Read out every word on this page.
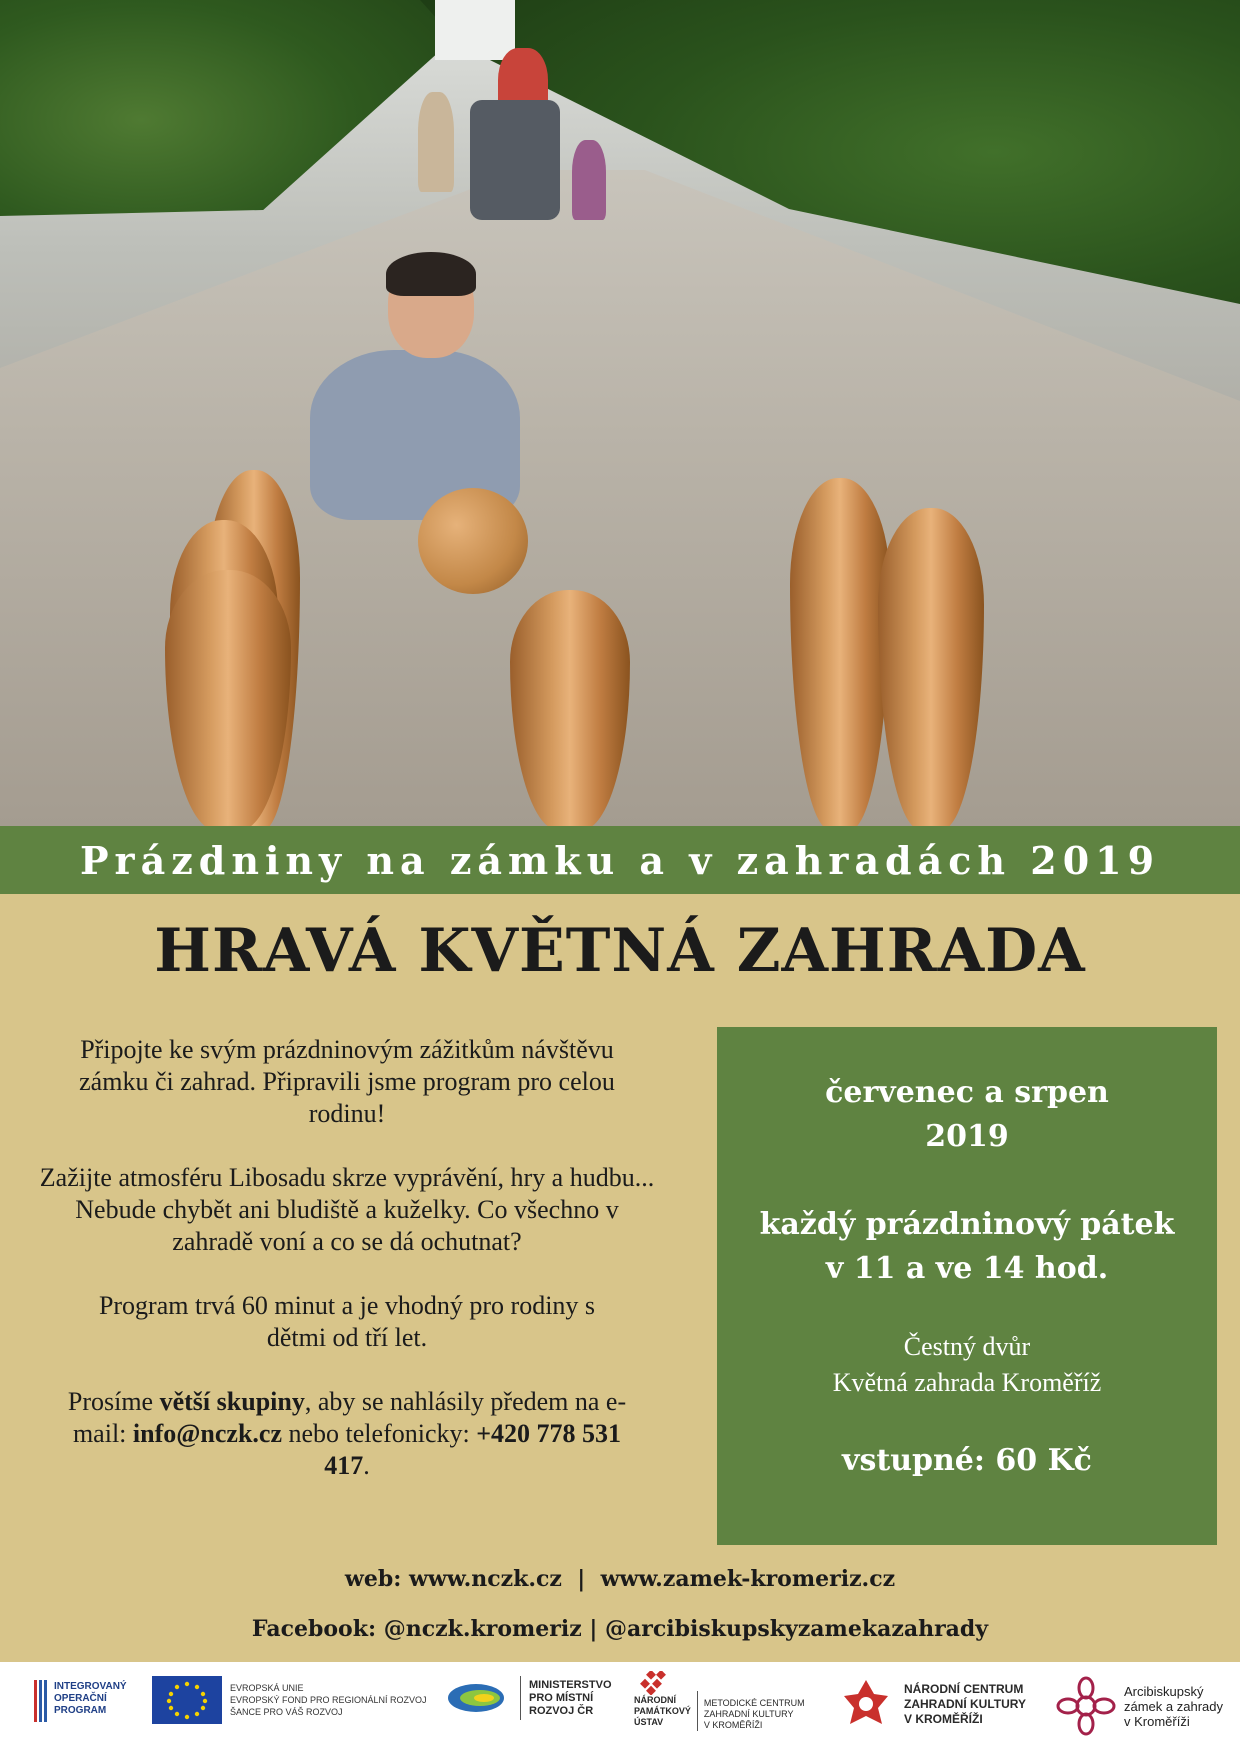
Prázdniny na zámku a v zahradách 2019
HRAVÁ KVĚTNÁ ZAHRADA

Připojte ke svým prázdninovým zážitkům návštěvu zámku či zahrad. Připravili jsme program pro celou rodinu!

Zažijte atmosféru Libosadu skrze vyprávění, hry a hudbu... Nebude chybět ani bludiště a kuželky. Co všechno v zahradě voní a co se dá ochutnat?

Program trvá 60 minut a je vhodný pro rodiny s dětmi od tří let.

Prosíme větší skupiny, aby se nahlásily předem na e-mail: info@nczk.cz nebo telefonicky: +420 778 531 417.

červenec a srpen
2019
každý prázdninový pátek
v 11 a ve 14 hod.
Čestný dvůr
Květná zahrada Kroměříž
vstupné: 60 Kč
web: www.nczk.cz  |  www.zamek-kromeriz.cz
Facebook: @nczk.kromeriz | @arcibiskupskyzamekazahrady
INTEGROVANÝ
OPERAČNÍ
PROGRAM
EVROPSKÁ UNIE
EVROPSKÝ FOND PRO REGIONÁLNÍ ROZVOJ
ŠANCE PRO VÁŠ ROZVOJ
MINISTERSTVO
PRO MÍSTNÍ
ROZVOJ ČR
NÁRODNÍ
PAMÁTKOVÝ
ÚSTAV
METODICKÉ CENTRUM
ZAHRADNÍ KULTURY
V KROMĚŘÍŽI
NÁRODNÍ CENTRUM
ZAHRADNÍ KULTURY
V KROMĚŘÍŽI
Arcibiskupský
zámek a zahrady
v Kroměříži
